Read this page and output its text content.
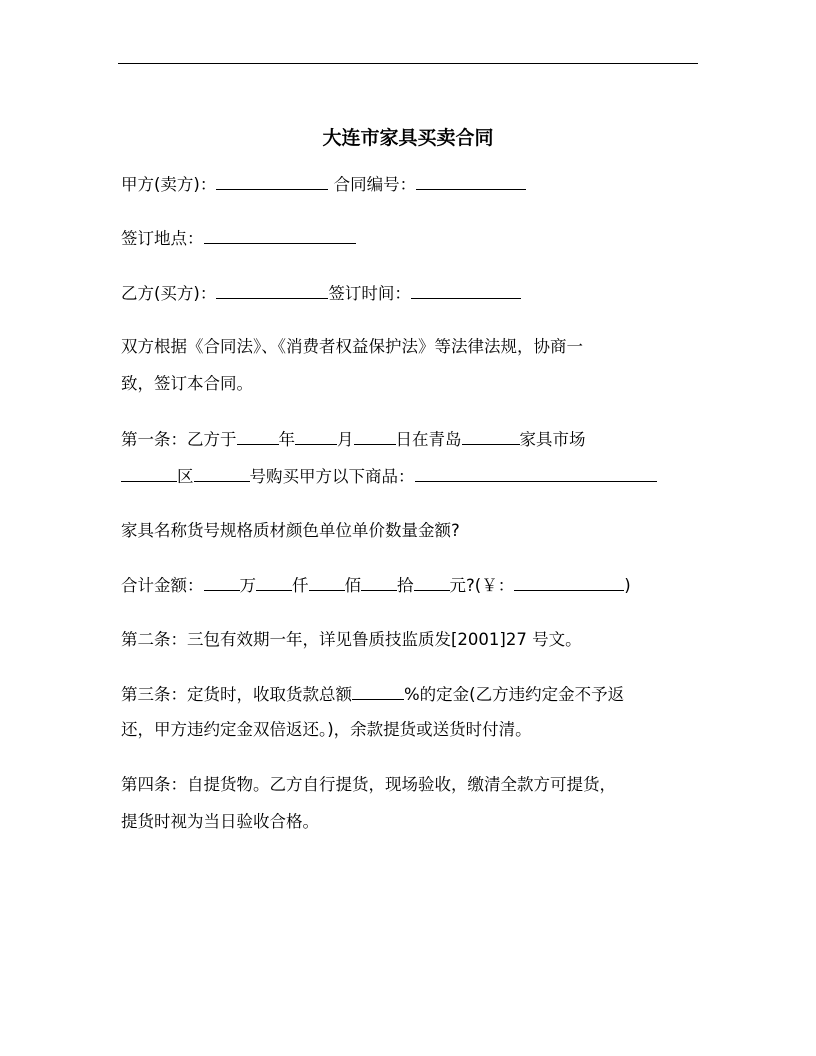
大连市家具买卖合同
甲方(卖方)：	合同编号：
签订地点：
乙方(买方)：	签订时间：
双方根据《合同法》、《消费者权益保护法》等法律法规，协商一
致，签订本合同。
第一条：乙方于	年	月	日在青岛	家具市场
区	号购买甲方以下商品：
家具名称货号规格质材颜色单位单价数量金额?
合计金额： 万 仟 佰 拾 元?(￥：	)
第二条：三包有效期一年，详见鲁质技监质发[2001]27 号文。
第三条：定货时，收取货款总额	%的定金(乙方违约定金不予返
还，甲方违约定金双倍返还。)，余款提货或送货时付清。
第四条：自提货物。乙方自行提货，现场验收，缴清全款方可提货，
提货时视为当日验收合格。
